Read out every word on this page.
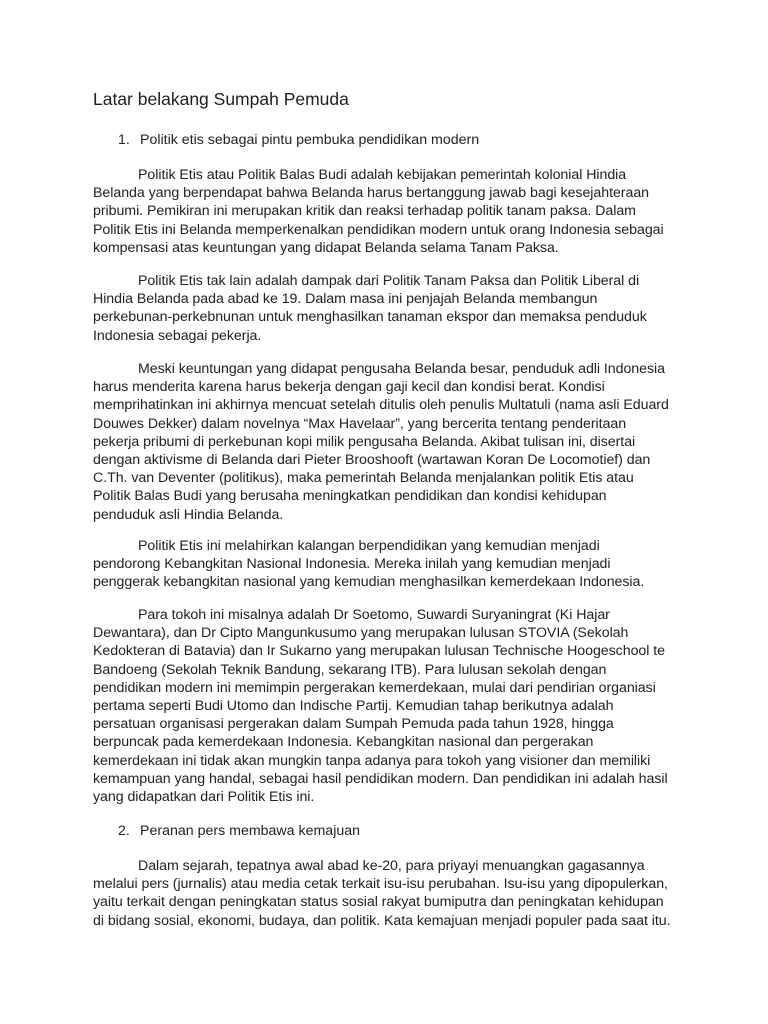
Latar belakang Sumpah Pemuda
1. Politik etis sebagai pintu pembuka pendidikan modern

Politik Etis atau Politik Balas Budi adalah kebijakan pemerintah kolonial Hindia
Belanda yang berpendapat bahwa Belanda harus bertanggung jawab bagi kesejahteraan
pribumi. Pemikiran ini merupakan kritik dan reaksi terhadap politik tanam paksa. Dalam
Politik Etis ini Belanda memperkenalkan pendidikan modern untuk orang Indonesia sebagai
kompensasi atas keuntungan yang didapat Belanda selama Tanam Paksa.

Politik Etis tak lain adalah dampak dari Politik Tanam Paksa dan Politik Liberal di
Hindia Belanda pada abad ke 19. Dalam masa ini penjajah Belanda membangun
perkebunan-perkebnunan untuk menghasilkan tanaman ekspor dan memaksa penduduk
Indonesia sebagai pekerja.

Meski keuntungan yang didapat pengusaha Belanda besar, penduduk adli Indonesia
harus menderita karena harus bekerja dengan gaji kecil dan kondisi berat. Kondisi
memprihatinkan ini akhirnya mencuat setelah ditulis oleh penulis Multatuli (nama asli Eduard
Douwes Dekker) dalam novelnya “Max Havelaar”, yang bercerita tentang penderitaan
pekerja pribumi di perkebunan kopi milik pengusaha Belanda. Akibat tulisan ini, disertai
dengan aktivisme di Belanda dari Pieter Brooshooft (wartawan Koran De Locomotief) dan
C.Th. van Deventer (politikus), maka pemerintah Belanda menjalankan politik Etis atau
Politik Balas Budi yang berusaha meningkatkan pendidikan dan kondisi kehidupan
penduduk asli Hindia Belanda.

Politik Etis ini melahirkan kalangan berpendidikan yang kemudian menjadi
pendorong Kebangkitan Nasional Indonesia. Mereka inilah yang kemudian menjadi
penggerak kebangkitan nasional yang kemudian menghasilkan kemerdekaan Indonesia.

Para tokoh ini misalnya adalah Dr Soetomo, Suwardi Suryaningrat (Ki Hajar
Dewantara), dan Dr Cipto Mangunkusumo yang merupakan lulusan STOVIA (Sekolah
Kedokteran di Batavia) dan Ir Sukarno yang merupakan lulusan Technische Hoogeschool te
Bandoeng (Sekolah Teknik Bandung, sekarang ITB). Para lulusan sekolah dengan
pendidikan modern ini memimpin pergerakan kemerdekaan, mulai dari pendirian organiasi
pertama seperti Budi Utomo dan Indische Partij. Kemudian tahap berikutnya adalah
persatuan organisasi pergerakan dalam Sumpah Pemuda pada tahun 1928, hingga
berpuncak pada kemerdekaan Indonesia. Kebangkitan nasional dan pergerakan
kemerdekaan ini tidak akan mungkin tanpa adanya para tokoh yang visioner dan memiliki
kemampuan yang handal, sebagai hasil pendidikan modern. Dan pendidikan ini adalah hasil
yang didapatkan dari Politik Etis ini.

2. Peranan pers membawa kemajuan

Dalam sejarah, tepatnya awal abad ke-20, para priyayi menuangkan gagasannya
melalui pers (jurnalis) atau media cetak terkait isu-isu perubahan. Isu-isu yang dipopulerkan,
yaitu terkait dengan peningkatan status sosial rakyat bumiputra dan peningkatan kehidupan
di bidang sosial, ekonomi, budaya, dan politik. Kata kemajuan menjadi populer pada saat itu.
